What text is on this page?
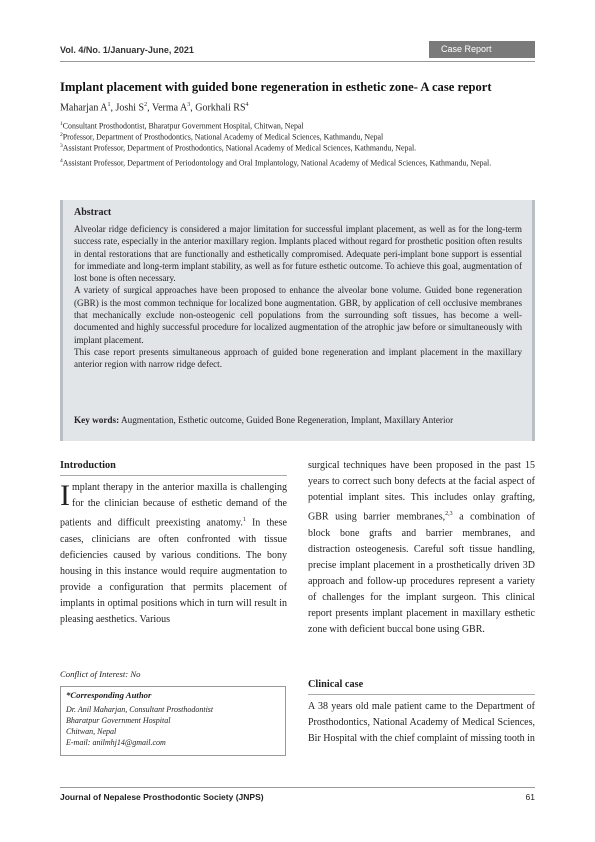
Vol. 4/No. 1/January-June, 2021	Case Report
Implant placement with guided bone regeneration in esthetic zone- A case report
Maharjan $A^1$, Joshi $S^2$, Verma $A^3$, Gorkhali $RS^4$
$^1$Consultant Prosthodontist, Bharatpur Government Hospital, Chitwan, Nepal
$^2$Professor, Department of Prosthodontics, National Academy of Medical Sciences, Kathmandu, Nepal
$^3$Assistant Professor, Department of Prosthodontics, National Academy of Medical Sciences, Kathmandu, Nepal.
$^4$Assistant Professor, Department of Periodontology and Oral Implantology, National Academy of Medical Sciences, Kathmandu, Nepal.
Abstract

Alveolar ridge deficiency is considered a major limitation for successful implant placement, as well as for the long-term success rate, especially in the anterior maxillary region. Implants placed without regard for prosthetic position often results in dental restorations that are functionally and esthetically compromised. Adequate peri-implant bone support is essential for immediate and long-term implant stability, as well as for future esthetic outcome. To achieve this goal, augmentation of lost bone is often necessary.

A variety of surgical approaches have been proposed to enhance the alveolar bone volume. Guided bone regeneration (GBR) is the most common technique for localized bone augmentation. GBR, by application of cell occlusive membranes that mechanically exclude non-osteogenic cell populations from the surrounding soft tissues, has become a well-documented and highly successful procedure for localized augmentation of the atrophic jaw before or simultaneously with implant placement.

This case report presents simultaneous approach of guided bone regeneration and implant placement in the maxillary anterior region with narrow ridge defect.

Key words: Augmentation, Esthetic outcome, Guided Bone Regeneration, Implant, Maxillary Anterior
Introduction
Implant therapy in the anterior maxilla is challenging for the clinician because of esthetic demand of the patients and difficult preexisting anatomy.$^1$ In these cases, clinicians are often confronted with tissue deficiencies caused by various conditions. The bony housing in this instance would require augmentation to provide a configuration that permits placement of implants in optimal positions which in turn will result in pleasing aesthetics. Various
surgical techniques have been proposed in the past 15 years to correct such bony defects at the facial aspect of potential implant sites. This includes onlay grafting, GBR using barrier membranes,$^{2,3}$ a combination of block bone grafts and barrier membranes, and distraction osteogenesis. Careful soft tissue handling, precise implant placement in a prosthetically driven 3D approach and follow-up procedures represent a variety of challenges for the implant surgeon. This clinical report presents implant placement in maxillary esthetic zone with deficient buccal bone using GBR.
Clinical case
A 38 years old male patient came to the Department of Prosthodontics, National Academy of Medical Sciences, Bir Hospital with the chief complaint of missing tooth in
Conflict of Interest: No
*Corresponding Author
Dr. Anil Maharjan, Consultant Prosthodontist
Bharatpur Government Hospital
Chitwan, Nepal
E-mail: anilmhj14@gmail.com
Journal of Nepalese Prosthodontic Society (JNPS)	61
